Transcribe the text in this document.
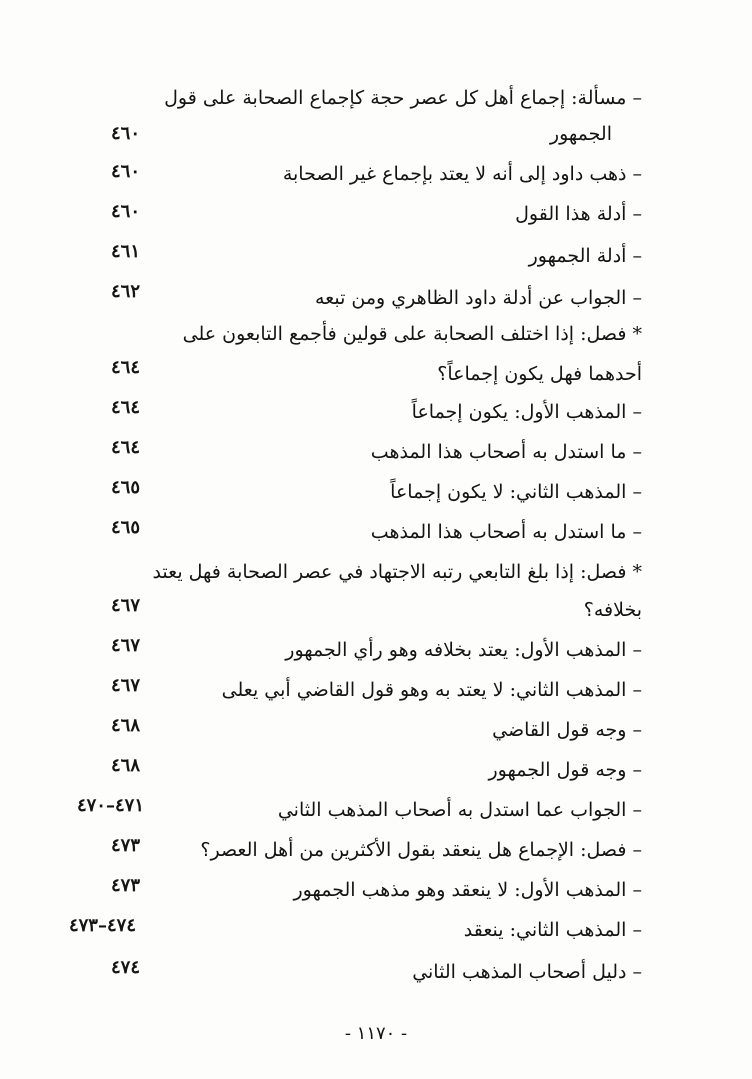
– مسألة: إجماع أهل كل عصر حجة كإجماع الصحابة على قول
الجمهور
٤٦٠
– ذهب داود إلى أنه لا يعتد بإجماع غير الصحابة
٤٦٠
– أدلة هذا القول
٤٦٠
– أدلة الجمهور
٤٦١
– الجواب عن أدلة داود الظاهري ومن تبعه
٤٦٢
* فصل: إذا اختلف الصحابة على قولين فأجمع التابعون على
أحدهما فهل يكون إجماعاً؟
٤٦٤
– المذهب الأول: يكون إجماعاً
٤٦٤
– ما استدل به أصحاب هذا المذهب
٤٦٤
– المذهب الثاني: لا يكون إجماعاً
٤٦٥
– ما استدل به أصحاب هذا المذهب
٤٦٥
* فصل: إذا بلغ التابعي رتبه الاجتهاد في عصر الصحابة فهل يعتد
بخلافه؟
٤٦٧
– المذهب الأول: يعتد بخلافه وهو رأي الجمهور
٤٦٧
– المذهب الثاني: لا يعتد به وهو قول القاضي أبي يعلى
٤٦٧
– وجه قول القاضي
٤٦٨
– وجه قول الجمهور
٤٦٨
– الجواب عما استدل به أصحاب المذهب الثاني
٤٧١–٤٧٠
– فصل: الإجماع هل ينعقد بقول الأكثرين من أهل العصر؟
٤٧٣
– المذهب الأول: لا ينعقد وهو مذهب الجمهور
٤٧٣
– المذهب الثاني: ينعقد
٤٧٤–٤٧٣
– دليل أصحاب المذهب الثاني
٤٧٤
- ١١٧٠ -
